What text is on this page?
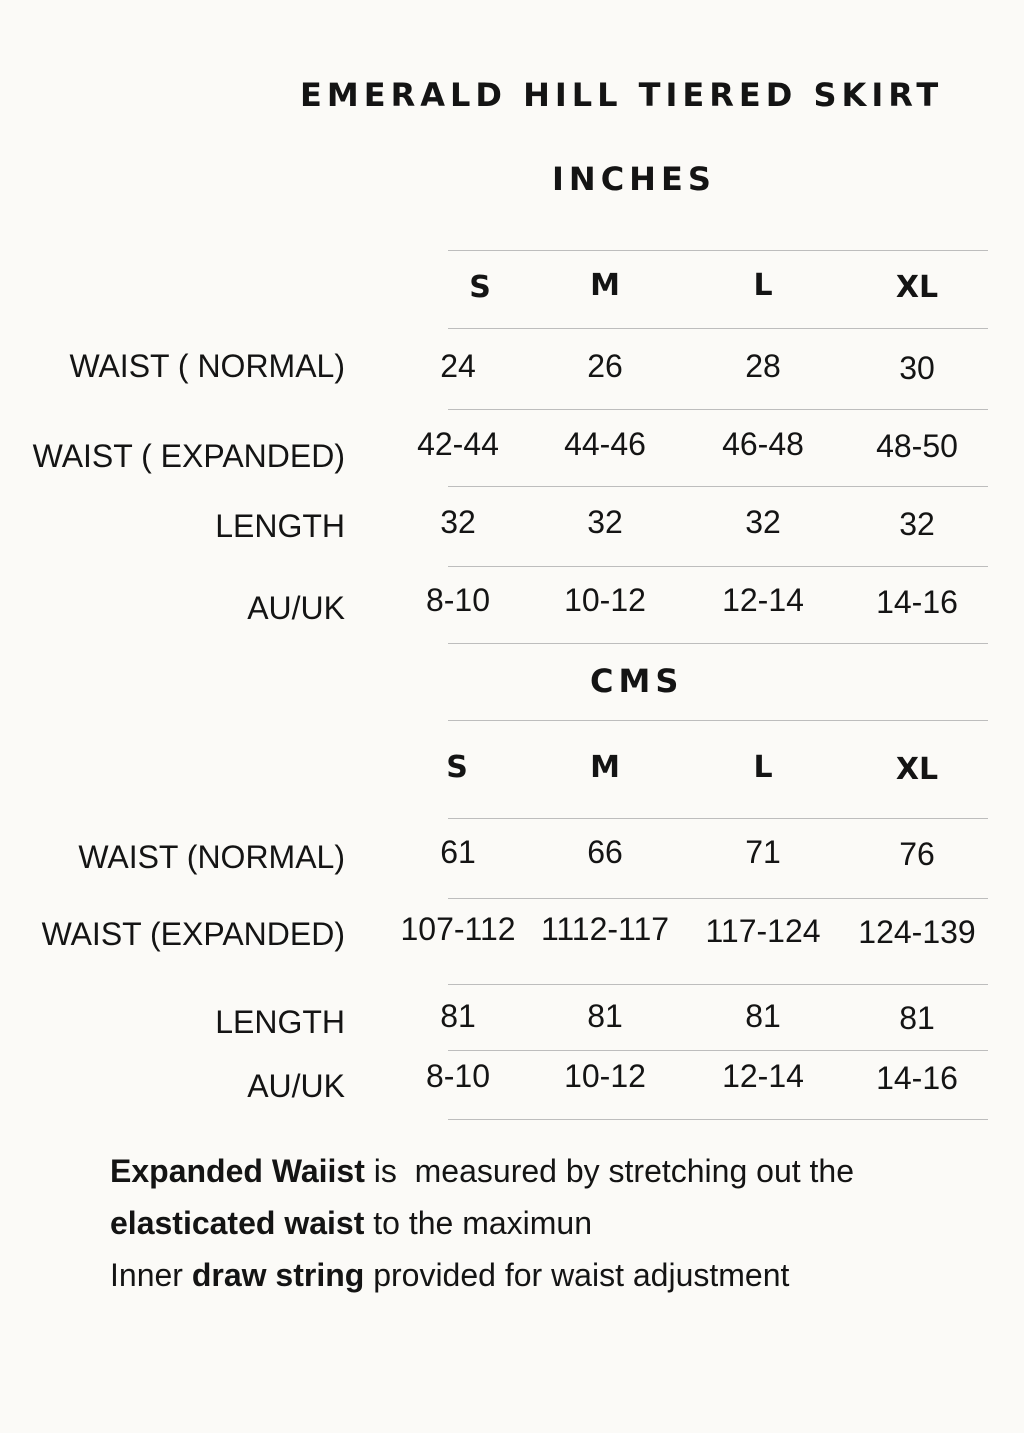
EMERALD HILL TIERED SKIRT
INCHES
S	M	L	XL
WAIST ( NORMAL)	24	26	28	30
WAIST ( EXPANDED)	42-44	44-46	46-48	48-50
LENGTH	32	32	32	32
AU/UK	8-10	10-12	12-14	14-16
CMS
S	M	L	XL
WAIST (NORMAL)	61	66	71	76
WAIST (EXPANDED) 107-112 1112-117 117-124 124-139
LENGTH	81	81	81	81
AU/UK	8-10	10-12	12-14	14-16
Expanded Waiist is  measured by stretching out the
elasticated waist to the maximun
Inner draw string provided for waist adjustment
